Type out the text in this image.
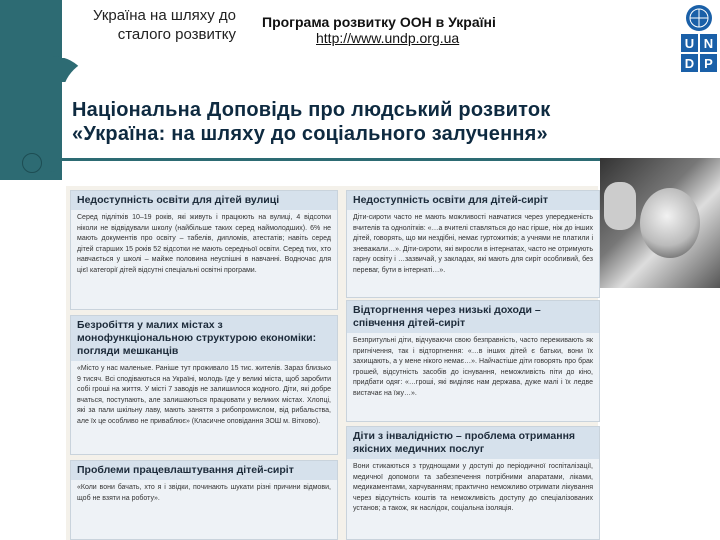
Україна на шляху до сталого розвитку
Програма розвитку ООН в Україні
http://www.undp.org.ua	U N
D P
Національна Доповідь про людський розвиток
«Україна: на шляху до соціального залучення»
Недоступність освіти для дітей вулиці
Серед підлітків 10–19 років, які живуть і працюють на вулиці, 4 відсотки ніколи не відвідували школу (найбільше таких серед наймолодших). 6% не мають документів про освіту – табелів, дипломів, атестатів; навіть серед дітей старших 15 років 52 відсотки не мають середньої освіти. Серед тих, хто навчається у школі – майже половина неуспішні в навчанні. Водночас для цієї категорії дітей відсутні спеціальні освітні програми.
Безробіття у малих містах з монофункціональною структурою економіки: погляди мешканців
«Місто у нас маленьке. Раніше тут проживало 15 тис. жителів. Зараз близько 9 тисяч. Всі сподіваються на Україні, молодь їде у великі міста, щоб заробити собі гроші на життя. У місті 7 заводів не залишилося жодного. Діти, які добре вчаться, поступають, але залишаються працювати у великих містах. Хлопці, які за пали шкільну лаву, мають заняття з рибопромислом, від рибальства, але їх це особливо не приваблює» (Класичне оповідання ЗОШ м. Вітково).
Проблеми працевлаштування дітей-сиріт
«Коли вони бачать, хто я і звідки, починають шукати різні причини відмови, щоб не взяти на роботу».
Недоступність освіти для дітей-сиріт
Діти-сироти часто не мають можливості навчатися через упередженість вчителів та однолітків: «…а вчителі ставляться до нас гірше, ніж до інших дітей, говорять, що ми нездібні, немає гуртожитків; а учнями не платили і зневажали…». Діти-сироти, які виросли в інтернатах, часто не отримують гарну освіту і …зазвичай, у закладах, які мають для сиріт особливий, без переваг, бути в інтернаті…».
Відторгнення через низькі доходи – співчення дітей-сиріт
Безпритульні діти, відчуваючи свою безправність, часто переживають як пригнічення, так і відторгнення: «…в інших дітей є батьки, вони їх захищають, а у мене нікого немає…». Найчастіше діти говорять про брак грошей, відсутність засобів до існування, неможливість піти до кіно, придбати одяг: «…гроші, які виділяє нам держава, дуже малі і їх ледве вистачає на їжу…».
Діти з інвалідністю – проблема отримання якісних медичних послуг
Вони стикаються з труднощами у доступі до періодичної госпіталізації, медичної допомоги та забезпечення потрібними апаратами, ліками, медикаментами, харчуванням; практично неможливо отримати лікування через відсутність коштів та неможливість доступу до спеціалізованих установ; а також, як наслідок, соціальна ізоляція.
